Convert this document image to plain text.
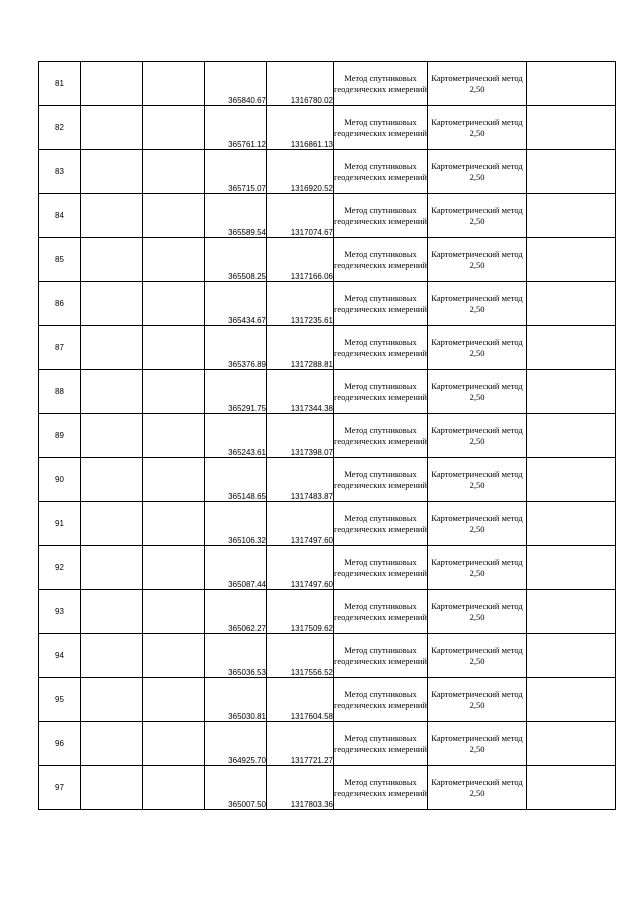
81			365840.67	1316780.02	Метод спутниковых геодезических измерений	Картометрический метод 2,50	
82			365761.12	1316861.13	Метод спутниковых геодезических измерений	Картометрический метод 2,50	
83			365715.07	1316920.52	Метод спутниковых геодезических измерений	Картометрический метод 2,50	
84			365589.54	1317074.67	Метод спутниковых геодезических измерений	Картометрический метод 2,50	
85			365508.25	1317166.06	Метод спутниковых геодезических измерений	Картометрический метод 2,50	
86			365434.67	1317235.61	Метод спутниковых геодезических измерений	Картометрический метод 2,50	
87			365376.89	1317288.81	Метод спутниковых геодезических измерений	Картометрический метод 2,50	
88			365291.75	1317344.38	Метод спутниковых геодезических измерений	Картометрический метод 2,50	
89			365243.61	1317398.07	Метод спутниковых геодезических измерений	Картометрический метод 2,50	
90			365148.65	1317483.87	Метод спутниковых геодезических измерений	Картометрический метод 2,50	
91			365106.32	1317497.60	Метод спутниковых геодезических измерений	Картометрический метод 2,50	
92			365087.44	1317497.60	Метод спутниковых геодезических измерений	Картометрический метод 2,50	
93			365062.27	1317509.62	Метод спутниковых геодезических измерений	Картометрический метод 2,50	
94			365036.53	1317556.52	Метод спутниковых геодезических измерений	Картометрический метод 2,50	
95			365030.81	1317604.58	Метод спутниковых геодезических измерений	Картометрический метод 2,50	
96			364925.70	1317721.27	Метод спутниковых геодезических измерений	Картометрический метод 2,50	
97			365007.50	1317803.36	Метод спутниковых геодезических измерений	Картометрический метод 2,50	
